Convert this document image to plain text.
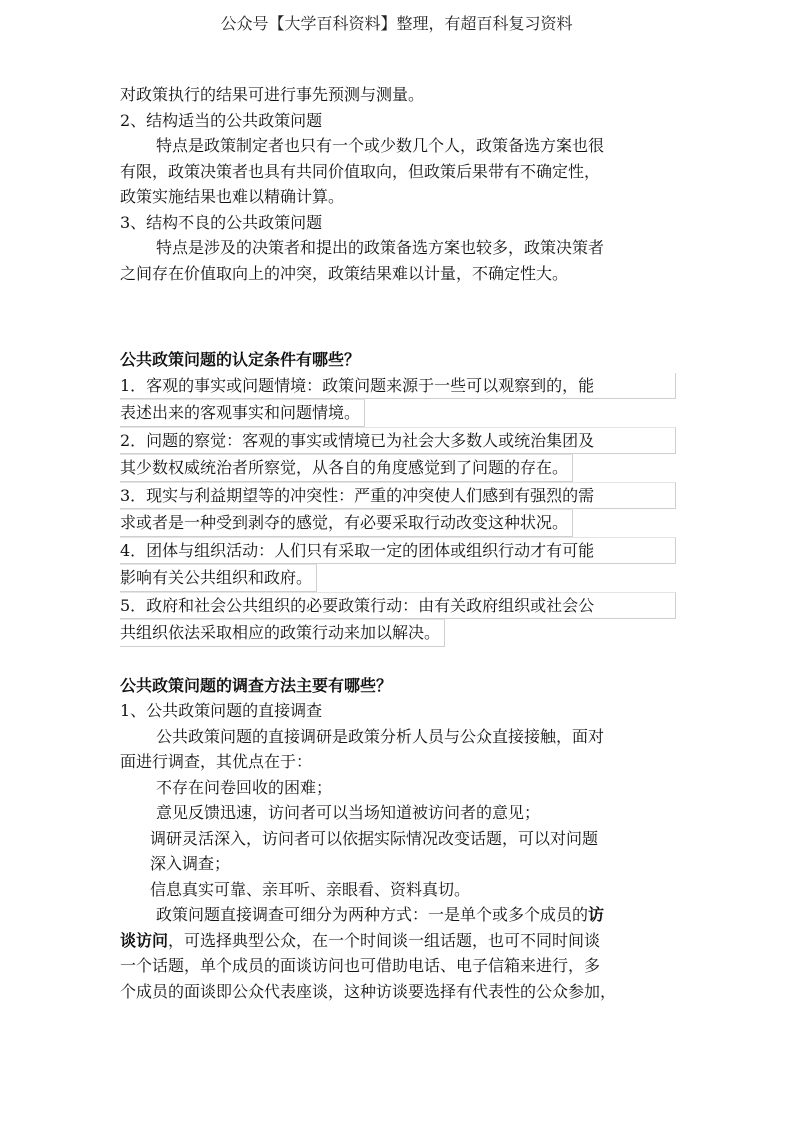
公众号【大学百科资料】整理，有超百科复习资料

对政策执行的结果可进行事先预测与测量。

2、结构适当的公共政策问题

特点是政策制定者也只有一个或少数几个人，政策备选方案也很

有限，政策决策者也具有共同价值取向，但政策后果带有不确定性，

政策实施结果也难以精确计算。

3、结构不良的公共政策问题

特点是涉及的决策者和提出的政策备选方案也较多，政策决策者

之间存在价值取向上的冲突，政策结果难以计量，不确定性大。

公共政策问题的认定条件有哪些？

1．客观的事实或问题情境：政策问题来源于一些可以观察到的，能

表述出来的客观事实和问题情境。

2．问题的察觉：客观的事实或情境已为社会大多数人或统治集团及

其少数权威统治者所察觉，从各自的角度感觉到了问题的存在。

3．现实与利益期望等的冲突性：严重的冲突使人们感到有强烈的需

求或者是一种受到剥夺的感觉，有必要采取行动改变这种状况。

4．团体与组织活动：人们只有采取一定的团体或组织行动才有可能

影响有关公共组织和政府。

5．政府和社会公共组织的必要政策行动：由有关政府组织或社会公

共组织依法采取相应的政策行动来加以解决。

公共政策问题的调查方法主要有哪些？

1、公共政策问题的直接调查

公共政策问题的直接调研是政策分析人员与公众直接接触，面对

面进行调查，其优点在于：

不存在问卷回收的困难；

意见反馈迅速，访问者可以当场知道被访问者的意见；

调研灵活深入，访问者可以依据实际情况改变话题，可以对问题

深入调查；

信息真实可靠、亲耳听、亲眼看、资料真切。

政策问题直接调查可细分为两种方式：一是单个或多个成员的访

谈访问，可选择典型公众，在一个时间谈一组话题，也可不同时间谈

一个话题，单个成员的面谈访问也可借助电话、电子信箱来进行，多

个成员的面谈即公众代表座谈，这种访谈要选择有代表性的公众参加，
